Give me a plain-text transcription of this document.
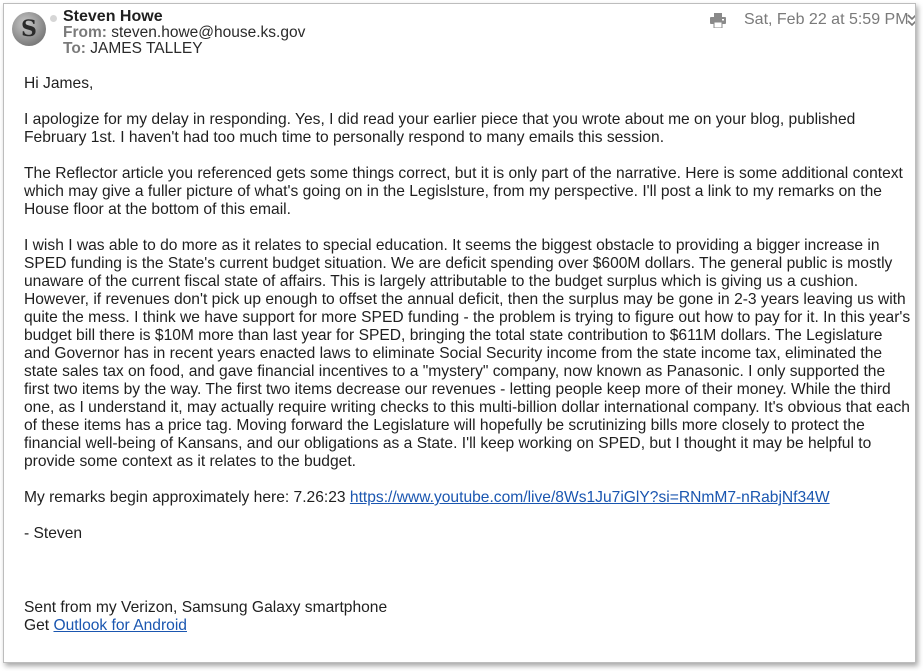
S Steven Howe
From: steven.howe@house.ks.gov
To: JAMES TALLEY
Sat, Feb 22 at 5:59 PM

Hi James,

I apologize for my delay in responding. Yes, I did read your earlier piece that you wrote about me on your blog, published February 1st. I haven't had too much time to personally respond to many emails this session.

The Reflector article you referenced gets some things correct, but it is only part of the narrative. Here is some additional context which may give a fuller picture of what's going on in the Legislsture, from my perspective. I'll post a link to my remarks on the House floor at the bottom of this email.

I wish I was able to do more as it relates to special education. It seems the biggest obstacle to providing a bigger increase in SPED funding is the State's current budget situation. We are deficit spending over $600M dollars. The general public is mostly unaware of the current fiscal state of affairs. This is largely attributable to the budget surplus which is giving us a cushion. However, if revenues don't pick up enough to offset the annual deficit, then the surplus may be gone in 2-3 years leaving us with quite the mess. I think we have support for more SPED funding - the problem is trying to figure out how to pay for it. In this year's budget bill there is $10M more than last year for SPED, bringing the total state contribution to $611M dollars. The Legislature and Governor has in recent years enacted laws to eliminate Social Security income from the state income tax, eliminated the state sales tax on food, and gave financial incentives to a "mystery" company, now known as Panasonic. I only supported the first two items by the way. The first two items decrease our revenues - letting people keep more of their money. While the third one, as I understand it, may actually require writing checks to this multi-billion dollar international company. It's obvious that each of these items has a price tag. Moving forward the Legislature will hopefully be scrutinizing bills more closely to protect the financial well-being of Kansans, and our obligations as a State. I'll keep working on SPED, but I thought it may be helpful to provide some context as it relates to the budget.

My remarks begin approximately here: 7.26:23 https://www.youtube.com/live/8Ws1Ju7iGlY?si=RNmM7-nRabjNf34W

- Steven

Sent from my Verizon, Samsung Galaxy smartphone
Get Outlook for Android
